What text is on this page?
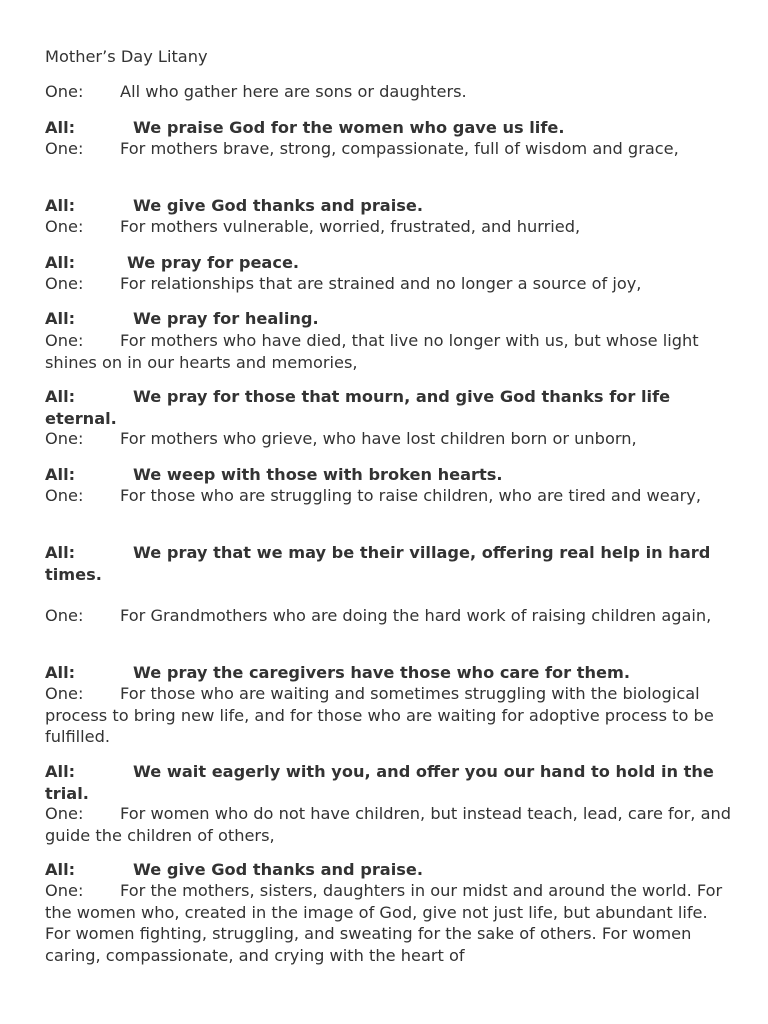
Mother’s Day Litany

One: All who gather here are sons or daughters.

All:	We praise God for the women who gave us life.

One: For mothers brave, strong, compassionate, full of wisdom and grace,

All:	We give God thanks and praise.

One: For mothers vulnerable, worried, frustrated, and hurried,

All:	We pray for peace.

One: For relationships that are strained and no longer a source of joy,

All:	We pray for healing.

One: For mothers who have died, that live no longer with us, but whose light shines on in our hearts and memories,

All:	We pray for those that mourn, and give God thanks for life eternal.

One: For mothers who grieve, who have lost children born or unborn,

All:	We weep with those with broken hearts.

One: For those who are struggling to raise children, who are tired and weary,

All:	We pray that we may be their village, offering real help in hard times.

One: For Grandmothers who are doing the hard work of raising children again,

All:	We pray the caregivers have those who care for them.

One: For those who are waiting and sometimes struggling with the biological process to bring new life, and for those who are waiting for adoptive process to be fulfilled.

All:	We wait eagerly with you, and offer you our hand to hold in the trial.

One: For women who do not have children, but instead teach, lead, care for, and guide the children of others,

All:	We give God thanks and praise.

One: For the mothers, sisters, daughters in our midst and around the world. For the women who, created in the image of God, give not just life, but abundant life. For women fighting, struggling, and sweating for the sake of others. For women caring, compassionate, and crying with the heart of
